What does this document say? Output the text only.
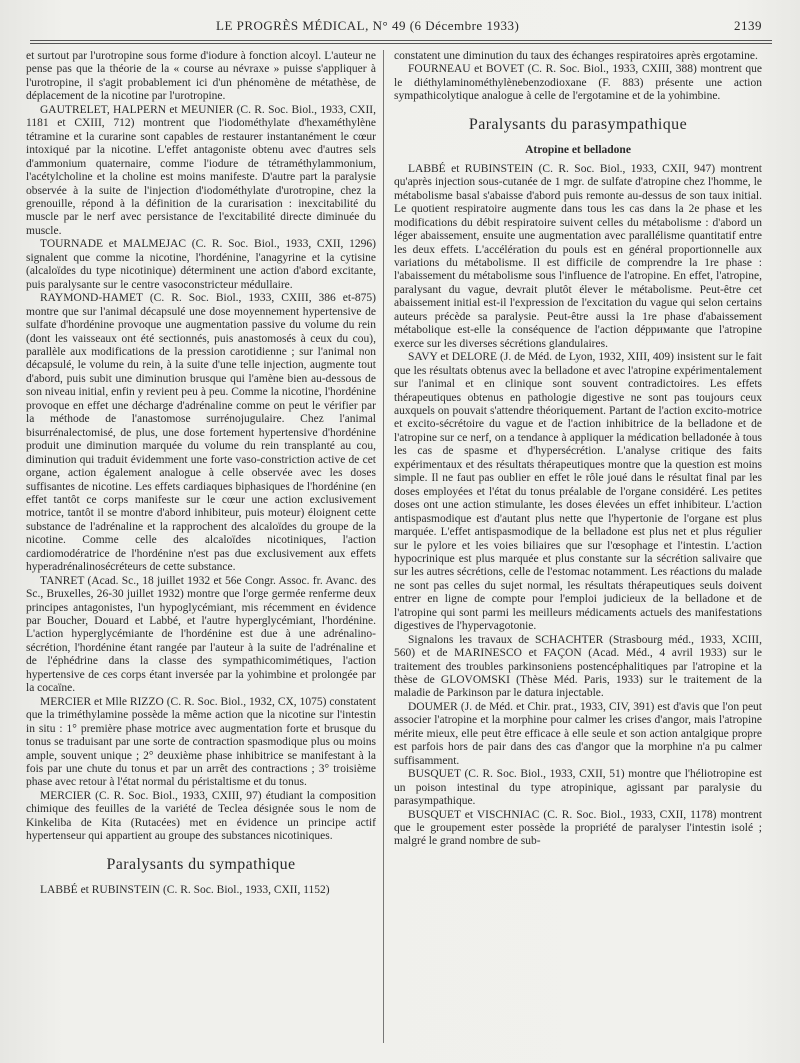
LE PROGRÈS MÉDICAL, N° 49 (6 Décembre 1933)	2139

et surtout par l'urotropine sous forme d'iodure à fonction alcoyl. L'auteur ne pense pas que la théorie de la « course au névraxe » puisse s'appliquer à l'urotropine, il s'agit probablement ici d'un phénomène de métathèse, de déplacement de la nicotine par l'urotropine.

GAUTRELET, HALPERN et MEUNIER (C. R. Soc. Biol., 1933, CXII, 1181 et CXIII, 712) montrent que l'iodométhylate d'hexaméthylène tétramine et la curarine sont capables de restaurer instantanément le cœur intoxiqué par la nicotine. L'effet antagoniste obtenu avec d'autres sels d'ammonium quaternaire, comme l'iodure de tétraméthylammonium, l'acétylcholine et la choline est moins manifeste. D'autre part la paralysie observée à la suite de l'injection d'iodométhylate d'urotropine, chez la grenouille, répond à la définition de la curarisation : inexcitabilité du muscle par le nerf avec persistance de l'excitabilité directe diminuée du muscle.

TOURNADE et MALMEJAC (C. R. Soc. Biol., 1933, CXII, 1296) signalent que comme la nicotine, l'hordénine, l'anagyrine et la cytisine (alcaloïdes du type nicotinique) déterminent une action d'abord excitante, puis paralysante sur le centre vasoconstricteur médullaire.

RAYMOND-HAMET (C. R. Soc. Biol., 1933, CXIII, 386 et-875) montre que sur l'animal décapsulé une dose moyennement hypertensive de sulfate d'hordénine provoque une augmentation passive du volume du rein (dont les vaisseaux ont été sectionnés, puis anastomosés à ceux du cou), parallèle aux modifications de la pression carotidienne ; sur l'animal non décapsulé, le volume du rein, à la suite d'une telle injection, augmente tout d'abord, puis subit une diminution brusque qui l'amène bien au-dessous de son niveau initial, enfin y revient peu à peu. Comme la nicotine, l'hordénine provoque en effet une décharge d'adrénaline comme on peut le vérifier par la méthode de l'anastomose surrénojugulaire. Chez l'animal bisurrénalectomisé, de plus, une dose fortement hypertensive d'hordénine produit une diminution marquée du volume du rein transplanté au cou, diminution qui traduit évidemment une forte vaso-constriction active de cet organe, action également analogue à celle observée avec les doses suffisantes de nicotine. Les effets cardiaques biphasiques de l'hordénine (en effet tantôt ce corps manifeste sur le cœur une action exclusivement motrice, tantôt il se montre d'abord inhibiteur, puis moteur) éloignent cette substance de l'adrénaline et la rapprochent des alcaloïdes du groupe de la nicotine. Comme celle des alcaloïdes nicotiniques, l'action cardiomodératrice de l'hordénine n'est pas due exclusivement aux effets hyperadrénalinosécréteurs de cette substance.

TANRET (Acad. Sc., 18 juillet 1932 et 56e Congr. Assoc. fr. Avanc. des Sc., Bruxelles, 26-30 juillet 1932) montre que l'orge germée renferme deux principes antagonistes, l'un hypoglycémiant, mis récemment en évidence par Boucher, Douard et Labbé, et l'autre hyperglycémiant, l'hordénine. L'action hyperglycémiante de l'hordénine est due à une adrénalino-sécrétion, l'hordénine étant rangée par l'auteur à la suite de l'adrénaline et de l'éphédrine dans la classe des sympathicomimétiques, l'action hypertensive de ces corps étant inversée par la yohimbine et prolongée par la cocaïne.

MERCIER et Mlle RIZZO (C. R. Soc. Biol., 1932, CX, 1075) constatent que la triméthylamine possède la même action que la nicotine sur l'intestin in situ : 1° première phase motrice avec augmentation forte et brusque du tonus se traduisant par une sorte de contraction spasmodique plus ou moins ample, souvent unique ; 2° deuxième phase inhibitrice se manifestant à la fois par une chute du tonus et par un arrêt des contractions ; 3° troisième phase avec retour à l'état normal du péristaltisme et du tonus.

MERCIER (C. R. Soc. Biol., 1933, CXIII, 97) étudiant la composition chimique des feuilles de la variété de Teclea désignée sous le nom de Kinkeliba de Kita (Rutacées) met en évidence un principe actif hypertenseur qui appartient au groupe des substances nicotiniques.

Paralysants du sympathique

LABBÉ et RUBINSTEIN (C. R. Soc. Biol., 1933, CXII, 1152)

constatent une diminution du taux des échanges respiratoires après ergotamine.

FOURNEAU et BOVET (C. R. Soc. Biol., 1933, CXIII, 388) montrent que le diéthylaminométhylènebenzodioxane (F. 883) présente une action sympathicolytique analogue à celle de l'ergotamine et de la yohimbine.

Paralysants du parasympathique
Atropine et belladone

LABBÉ et RUBINSTEIN (C. R. Soc. Biol., 1933, CXII, 947) montrent qu'après injection sous-cutanée de 1 mgr. de sulfate d'atropine chez l'homme, le métabolisme basal s'abaisse d'abord puis remonte au-dessus de son taux initial. Le quotient respiratoire augmente dans tous les cas dans la 2e phase et les modifications du débit respiratoire suivent celles du métabolisme : d'abord un léger abaissement, ensuite une augmentation avec parallélisme quantitatif entre les deux effets. L'accélération du pouls est en général proportionnelle aux variations du métabolisme. Il est difficile de comprendre la 1re phase : l'abaissement du métabolisme sous l'influence de l'atropine. En effet, l'atropine, paralysant du vague, devrait plutôt élever le métabolisme. Peut-être cet abaissement initial est-il l'expression de l'excitation du vague qui selon certains auteurs précède sa paralysie. Peut-être aussi la 1re phase d'abaissement métabolique est-elle la conséquence de l'action dépримante que l'atropine exerce sur les diverses sécrétions glandulaires.

SAVY et DELORE (J. de Méd. de Lyon, 1932, XIII, 409) insistent sur le fait que les résultats obtenus avec la belladone et avec l'atropine expérimentalement sur l'animal et en clinique sont souvent contradictoires. Les effets thérapeutiques obtenus en pathologie digestive ne sont pas toujours ceux auxquels on pouvait s'attendre théoriquement. Partant de l'action excito-motrice et excito-sécrétoire du vague et de l'action inhibitrice de la belladone et de l'atropine sur ce nerf, on a tendance à appliquer la médication belladonée à tous les cas de spasme et d'hypersécrétion. L'analyse critique des faits expérimentaux et des résultats thérapeutiques montre que la question est moins simple. Il ne faut pas oublier en effet le rôle joué dans le résultat final par les doses employées et l'état du tonus préalable de l'organe considéré. Les petites doses ont une action stimulante, les doses élevées un effet inhibiteur. L'action antispasmodique est d'autant plus nette que l'hypertonie de l'organe est plus marquée. L'effet antispasmodique de la belladone est plus net et plus régulier sur le pylore et les voies biliaires que sur l'œsophage et l'intestin. L'action hypocrinique est plus marquée et plus constante sur la sécrétion salivaire que sur les autres sécrétions, celle de l'estomac notamment. Les réactions du malade ne sont pas celles du sujet normal, les résultats thérapeutiques seuls doivent entrer en ligne de compte pour l'emploi judicieux de la belladone et de l'atropine qui sont parmi les meilleurs médicaments actuels des manifestations digestives de l'hypervagotonie.

Signalons les travaux de SCHACHTER (Strasbourg méd., 1933, XCIII, 560) et de MARINESCO et FAÇON (Acad. Méd., 4 avril 1933) sur le traitement des troubles parkinsoniens postencéphalitiques par l'atropine et la thèse de GLOVOMSKI (Thèse Méd. Paris, 1933) sur le traitement de la maladie de Parkinson par le datura injectable.

DOUMER (J. de Méd. et Chir. prat., 1933, CIV, 391) est d'avis que l'on peut associer l'atropine et la morphine pour calmer les crises d'angor, mais l'atropine mérite mieux, elle peut être efficace à elle seule et son action antalgique propre est parfois hors de pair dans des cas d'angor que la morphine n'a pu calmer suffisamment.

BUSQUET (C. R. Soc. Biol., 1933, CXII, 51) montre que l'héliotropine est un poison intestinal du type atropinique, agissant par paralysie du parasympathique.

BUSQUET et VISCHNIAC (C. R. Soc. Biol., 1933, CXII, 1178) montrent que le groupement ester possède la propriété de paralyser l'intestin isolé ; malgré le grand nombre de sub-
